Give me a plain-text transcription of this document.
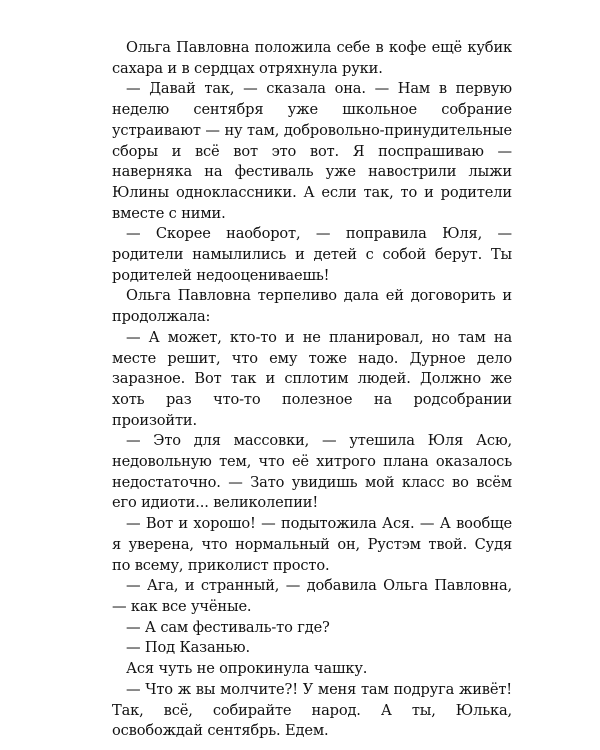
Ольга Павловна положила себе в кофе ещё кубик сахара и в сердцах отряхнула руки.

— Давай так, — сказала она. — Нам в первую неделю сентября уже школьное собрание устраивают — ну там, добровольно-принудительные сборы и всё вот это вот. Я поспрашиваю — наверняка на фестиваль уже навострили лыжи Юлины одноклассники. А если так, то и родители вместе с ними.

— Скорее наоборот, — поправила Юля, — родители намылились и детей с собой берут. Ты родителей недооцениваешь!

Ольга Павловна терпеливо дала ей договорить и продолжала:

— А может, кто-то и не планировал, но там на месте решит, что ему тоже надо. Дурное дело заразное. Вот так и сплотим людей. Должно же хоть раз что-то полезное на родсобрании произойти.

— Это для массовки, — утешила Юля Асю, недовольную тем, что её хитрого плана оказалось недостаточно. — Зато увидишь мой класс во всём его идиоти... великолепии!

— Вот и хорошо! — подытожила Ася. — А вообще я уверена, что нормальный он, Рустэм твой. Судя по всему, приколист просто.

— Ага, и странный, — добавила Ольга Павловна, — как все учёные.

— А сам фестиваль-то где?

— Под Казанью.

Ася чуть не опрокинула чашку.

— Что ж вы молчите?! У меня там подруга живёт! Так, всё, собирайте народ. А ты, Юлька, освобождай сентябрь. Едем.
